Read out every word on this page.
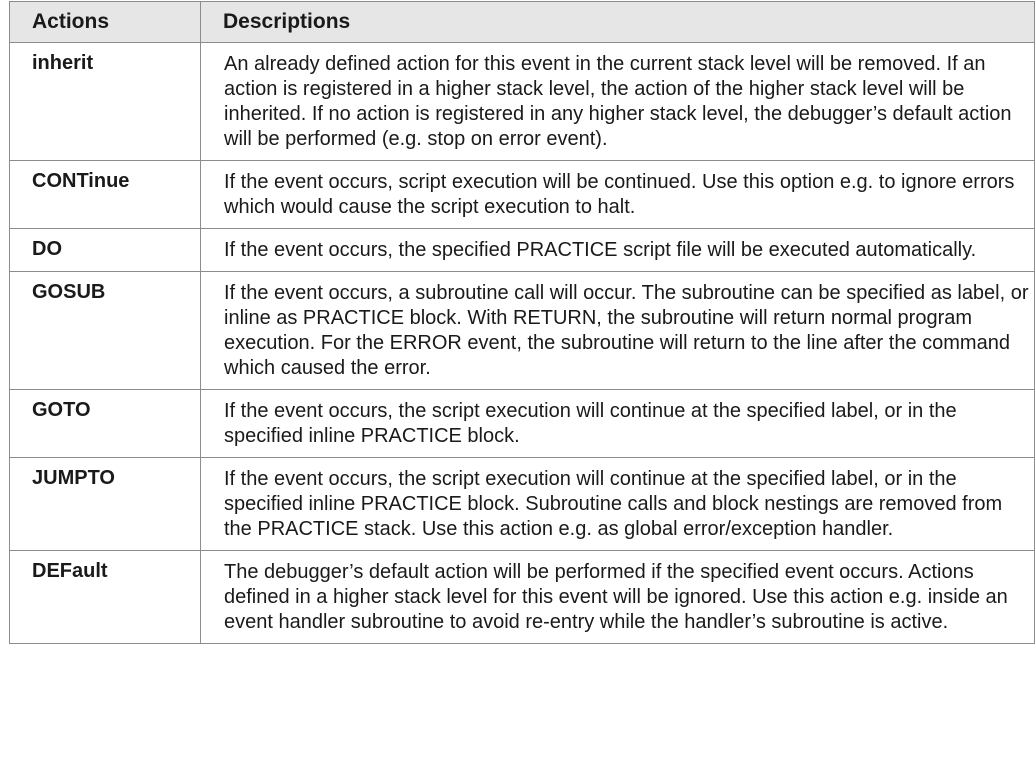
Actions	Descriptions
inherit	An already defined action for this event in the current stack level will be removed. If an action is registered in a higher stack level, the action of the higher stack level will be inherited. If no action is registered in any higher stack level, the debugger’s default action will be performed (e.g. stop on error event).
CONTinue	If the event occurs, script execution will be continued. Use this option e.g. to ignore errors which would cause the script execution to halt.
DO	If the event occurs, the specified PRACTICE script file will be executed automatically.
GOSUB	If the event occurs, a subroutine call will occur. The subroutine can be specified as label, or inline as PRACTICE block. With RETURN, the subroutine will return normal program execution. For the ERROR event, the subroutine will return to the line after the command which caused the error.
GOTO	If the event occurs, the script execution will continue at the specified label, or in the specified inline PRACTICE block.
JUMPTO	If the event occurs, the script execution will continue at the specified label, or in the specified inline PRACTICE block. Subroutine calls and block nestings are removed from the PRACTICE stack. Use this action e.g. as global error/exception handler.
DEFault	The debugger’s default action will be performed if the specified event occurs. Actions defined in a higher stack level for this event will be ignored. Use this action e.g. inside an event handler subroutine to avoid re-entry while the handler’s subroutine is active.
